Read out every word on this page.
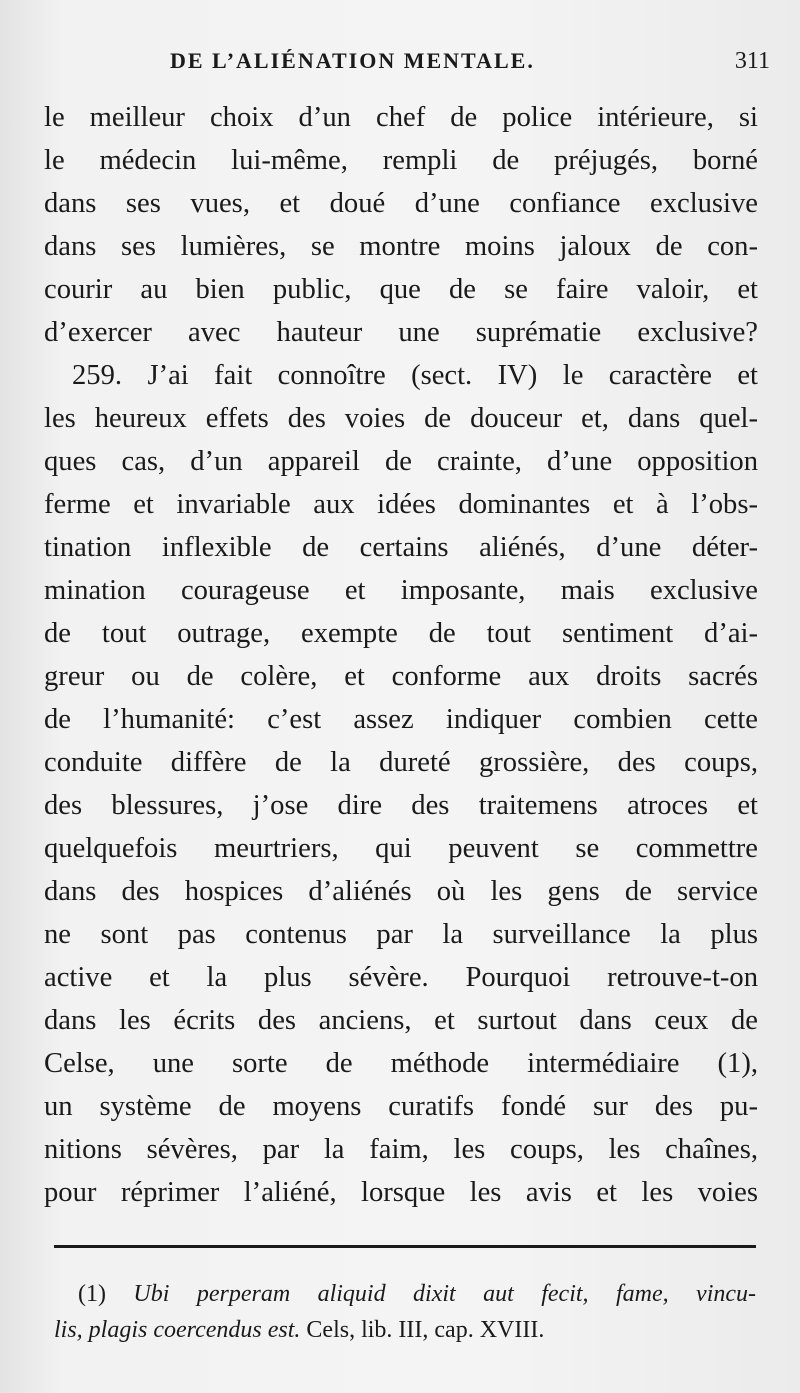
DE L’ALIÉNATION MENTALE.	311
le meilleur choix d’un chef de police intérieure, si
le médecin lui-même, rempli de préjugés, borné
dans ses vues, et doué d’une confiance exclusive
dans ses lumières, se montre moins jaloux de con-
courir au bien public, que de se faire valoir, et
d’exercer avec hauteur une suprématie exclusive?
259. J’ai fait connoître (sect. IV) le caractère et
les heureux effets des voies de douceur et, dans quel-
ques cas, d’un appareil de crainte, d’une opposition
ferme et invariable aux idées dominantes et à l’obs-
tination inflexible de certains aliénés, d’une déter-
mination courageuse et imposante, mais exclusive
de tout outrage, exempte de tout sentiment d’ai-
greur ou de colère, et conforme aux droits sacrés
de l’humanité: c’est assez indiquer combien cette
conduite diffère de la dureté grossière, des coups,
des blessures, j’ose dire des traitemens atroces et
quelquefois meurtriers, qui peuvent se commettre
dans des hospices d’aliénés où les gens de service
ne sont pas contenus par la surveillance la plus
active et la plus sévère. Pourquoi retrouve-t-on
dans les écrits des anciens, et surtout dans ceux de
Celse, une sorte de méthode intermédiaire (1),
un système de moyens curatifs fondé sur des pu-
nitions sévères, par la faim, les coups, les chaînes,
pour réprimer l’aliéné, lorsque les avis et les voies
(1) Ubi perperam aliquid dixit aut fecit, fame, vincu-
lis, plagis coercendus est. Cels, lib. III, cap. XVIII.
